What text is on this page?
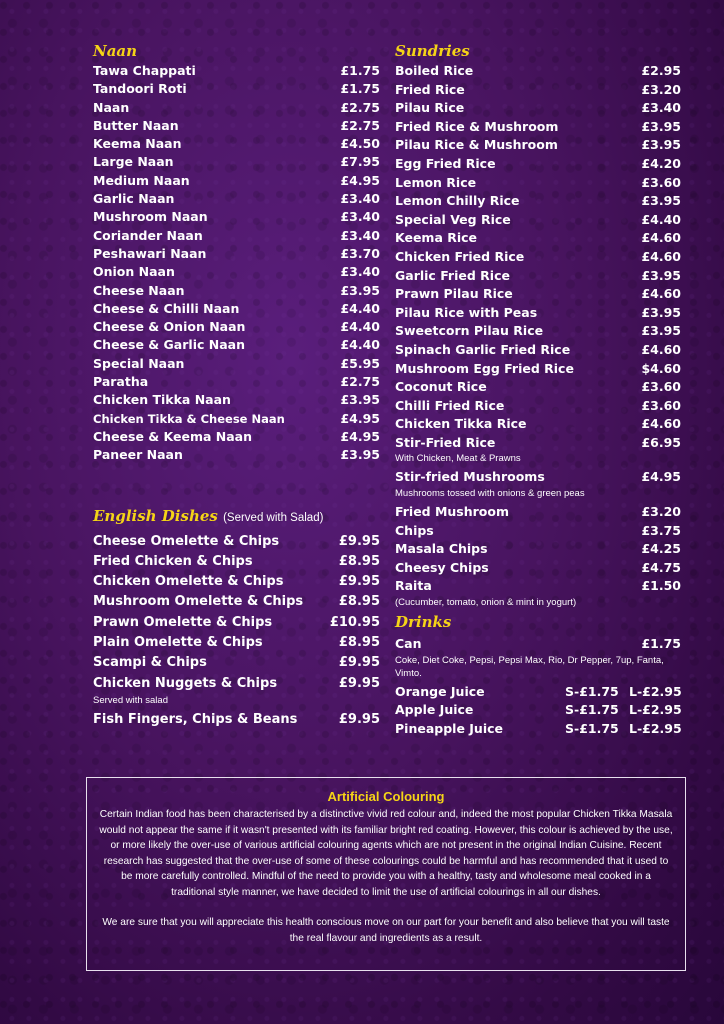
Naan
Tawa Chappati	£1.75
Tandoori Roti	£1.75
Naan	£2.75
Butter Naan	£2.75
Keema Naan	£4.50
Large Naan	£7.95
Medium Naan	£4.95
Garlic Naan	£3.40
Mushroom Naan	£3.40
Coriander Naan	£3.40
Peshawari Naan	£3.70
Onion Naan	£3.40
Cheese Naan	£3.95
Cheese & Chilli Naan	£4.40
Cheese & Onion Naan	£4.40
Cheese & Garlic Naan	£4.40
Special Naan	£5.95
Paratha	£2.75
Chicken Tikka Naan	£3.95
Chicken Tikka & Cheese Naan	£4.95
Cheese & Keema Naan	£4.95
Paneer Naan	£3.95
English Dishes (Served with Salad)
Cheese Omelette & Chips	£9.95
Fried Chicken & Chips	£8.95
Chicken Omelette & Chips	£9.95
Mushroom Omelette & Chips	£8.95
Prawn Omelette & Chips	£10.95
Plain Omelette & Chips	£8.95
Scampi & Chips	£9.95
Chicken Nuggets & Chips	£9.95
Served with salad
Fish Fingers, Chips & Beans	£9.95
Sundries
Boiled Rice	£2.95
Fried Rice	£3.20
Pilau Rice	£3.40
Fried Rice & Mushroom	£3.95
Pilau Rice & Mushroom	£3.95
Egg Fried Rice	£4.20
Lemon Rice	£3.60
Lemon Chilly Rice	£3.95
Special Veg Rice	£4.40
Keema Rice	£4.60
Chicken Fried Rice	£4.60
Garlic Fried Rice	£3.95
Prawn Pilau Rice	£4.60
Pilau Rice with Peas	£3.95
Sweetcorn Pilau Rice	£3.95
Spinach Garlic Fried Rice	£4.60
Mushroom Egg Fried Rice	$4.60
Coconut Rice	£3.60
Chilli Fried Rice	£3.60
Chicken Tikka Rice	£4.60
Stir-Fried Rice	£6.95
With Chicken, Meat & Prawns
Stir-fried Mushrooms	£4.95
Mushrooms tossed with onions & green peas
Fried Mushroom	£3.20
Chips	£3.75
Masala Chips	£4.25
Cheesy Chips	£4.75
Raita	£1.50
(Cucumber, tomato, onion & mint in yogurt)
Drinks
Can	£1.75
Coke, Diet Coke, Pepsi, Pepsi Max, Rio, Dr Pepper, 7up, Fanta, Vimto.
Orange Juice	S-£1.75 L-£2.95
Apple Juice	S-£1.75 L-£2.95
Pineapple Juice	S-£1.75 L-£2.95
Artificial Colouring

Certain Indian food has been characterised by a distinctive vivid red colour and, indeed the most popular Chicken Tikka Masala would not appear the same if it wasn't presented with its familiar bright red coating. However, this colour is achieved by the use, or more likely the over-use of various artificial colouring agents which are not present in the original Indian Cuisine. Recent research has suggested that the over-use of some of these colourings could be harmful and has recommended that it used to be more carefully controlled. Mindful of the need to provide you with a healthy, tasty and wholesome meal cooked in a traditional style manner, we have decided to limit the use of artificial colourings in all our dishes.

We are sure that you will appreciate this health conscious move on our part for your benefit and also believe that you will taste the real flavour and ingredients as a result.
